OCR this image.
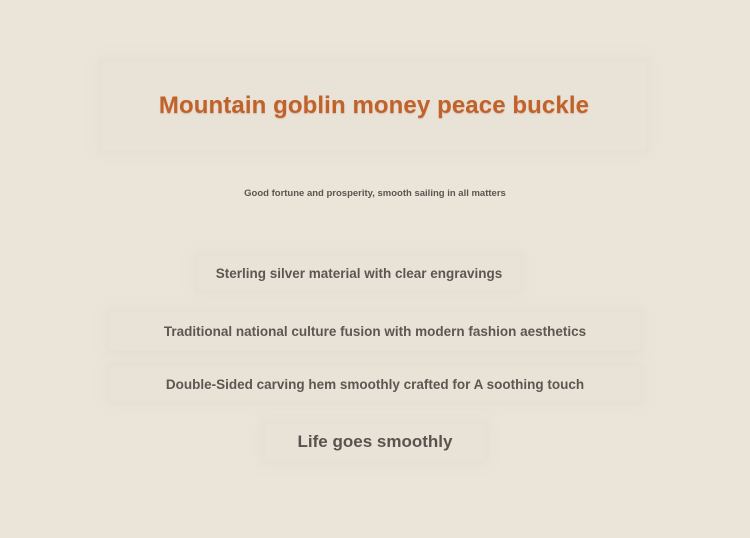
Mountain goblin money peace buckle
Good fortune and prosperity, smooth sailing in all matters
Sterling silver material with clear engravings
Traditional national culture fusion with modern fashion aesthetics
Double-Sided carving hem smoothly crafted for A soothing touch
Life goes smoothly
